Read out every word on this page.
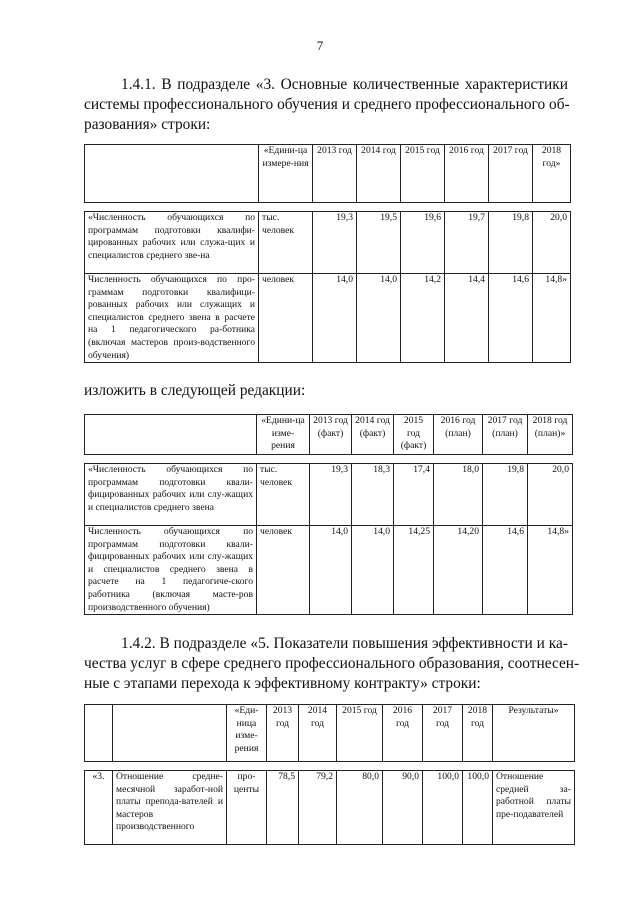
7
1.4.1. В подразделе «3. Основные количественные характеристики
системы профессионального обучения и среднего профессионального об-
разования» строки:
	«Едини-ца измере-ния	2013 год	2014 год	2015 год	2016 год	2017 год	2018 год»

«Численность обучающихся по программам подготовки квалифи-цированных рабочих или служа-щих и специалистов среднего зве-на	тыс. человек	19,3	19,5	19,6	19,7	19,8	20,0
Численность обучающихся по про-граммам подготовки квалифици-рованных рабочих или служащих и специалистов среднего звена в расчете на 1 педагогического ра-ботника (включая мастеров произ-водственного обучения)	человек	14,0	14,0	14,2	14,4	14,6	14,8»
изложить в следующей редакции:
	«Едини-ца изме-рения	2013 год (факт)	2014 год (факт)	2015 год (факт)	2016 год (план)	2017 год (план)	2018 год (план)»

«Численность обучающихся по программам подготовки квали-фицированных рабочих или слу-жащих и специалистов среднего звена	тыс. человек	19,3	18,3	17,4	18,0	19,8	20,0
Численность обучающихся по программам подготовки квали-фицированных рабочих или слу-жащих и специалистов среднего звена в расчете на 1 педагогиче-ского работника (включая масте-ров производственного обучения)	человек	14,0	14,0	14,25	14,20	14,6	14,8»
1.4.2. В подразделе «5. Показатели повышения эффективности и ка-
чества услуг в сфере среднего профессионального образования, соотнесен-
ные с этапами перехода к эффективному контракту» строки:
		«Еди-ница изме-рения	2013 год	2014 год	2015 год	2016 год	2017 год	2018 год	Результаты»

«3.	Отношение средне-месячной заработ-ной платы препода-вателей и мастеров производственного	про-центы	78,5	79,2	80,0	90,0	100,0	100,0	Отношение средней за-работной платы пре-подавателей
